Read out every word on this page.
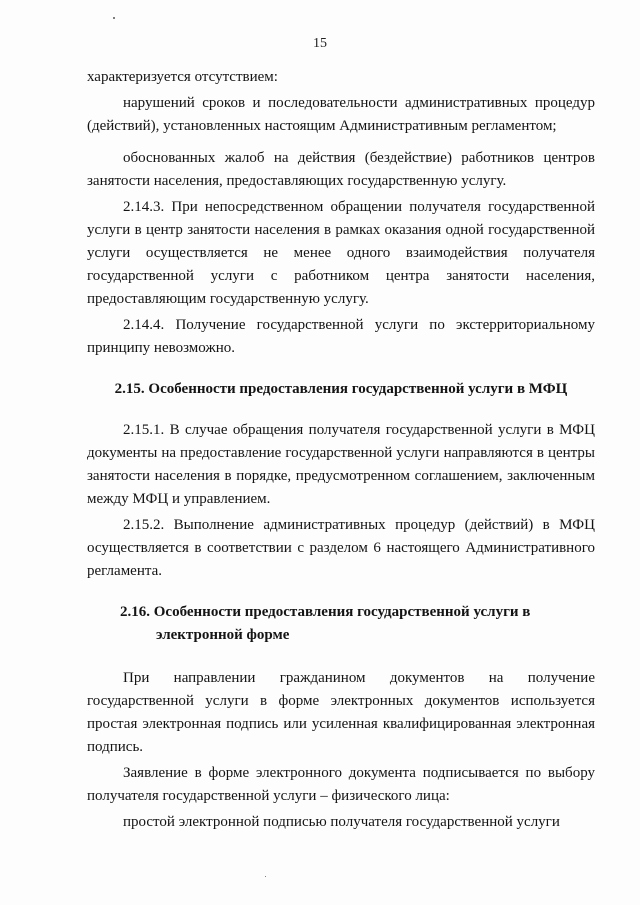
15

характеризуется отсутствием:

нарушений сроков и последовательности административных процедур (действий), установленных настоящим Административным регламентом;

обоснованных жалоб на действия (бездействие) работников центров занятости населения, предоставляющих государственную услугу.

2.14.3. При непосредственном обращении получателя государственной услуги в центр занятости населения в рамках оказания одной государственной услуги осуществляется не менее одного взаимодействия получателя государственной услуги с работником центра занятости населения, предоставляющим государственную услугу.

2.14.4. Получение государственной услуги по экстерриториальному принципу невозможно.

2.15. Особенности предоставления государственной услуги в МФЦ

2.15.1. В случае обращения получателя государственной услуги в МФЦ документы на предоставление государственной услуги направляются в центры занятости населения в порядке, предусмотренном соглашением, заключенным между МФЦ и управлением.

2.15.2. Выполнение административных процедур (действий) в МФЦ осуществляется в соответствии с разделом 6 настоящего Административного регламента.

2.16. Особенности предоставления государственной услуги в
электронной форме

При направлении гражданином документов на получение государственной услуги в форме электронных документов используется простая электронная подпись или усиленная квалифицированная электронная подпись.

Заявление в форме электронного документа подписывается по выбору получателя государственной услуги – физического лица:

простой электронной подписью получателя государственной услуги
